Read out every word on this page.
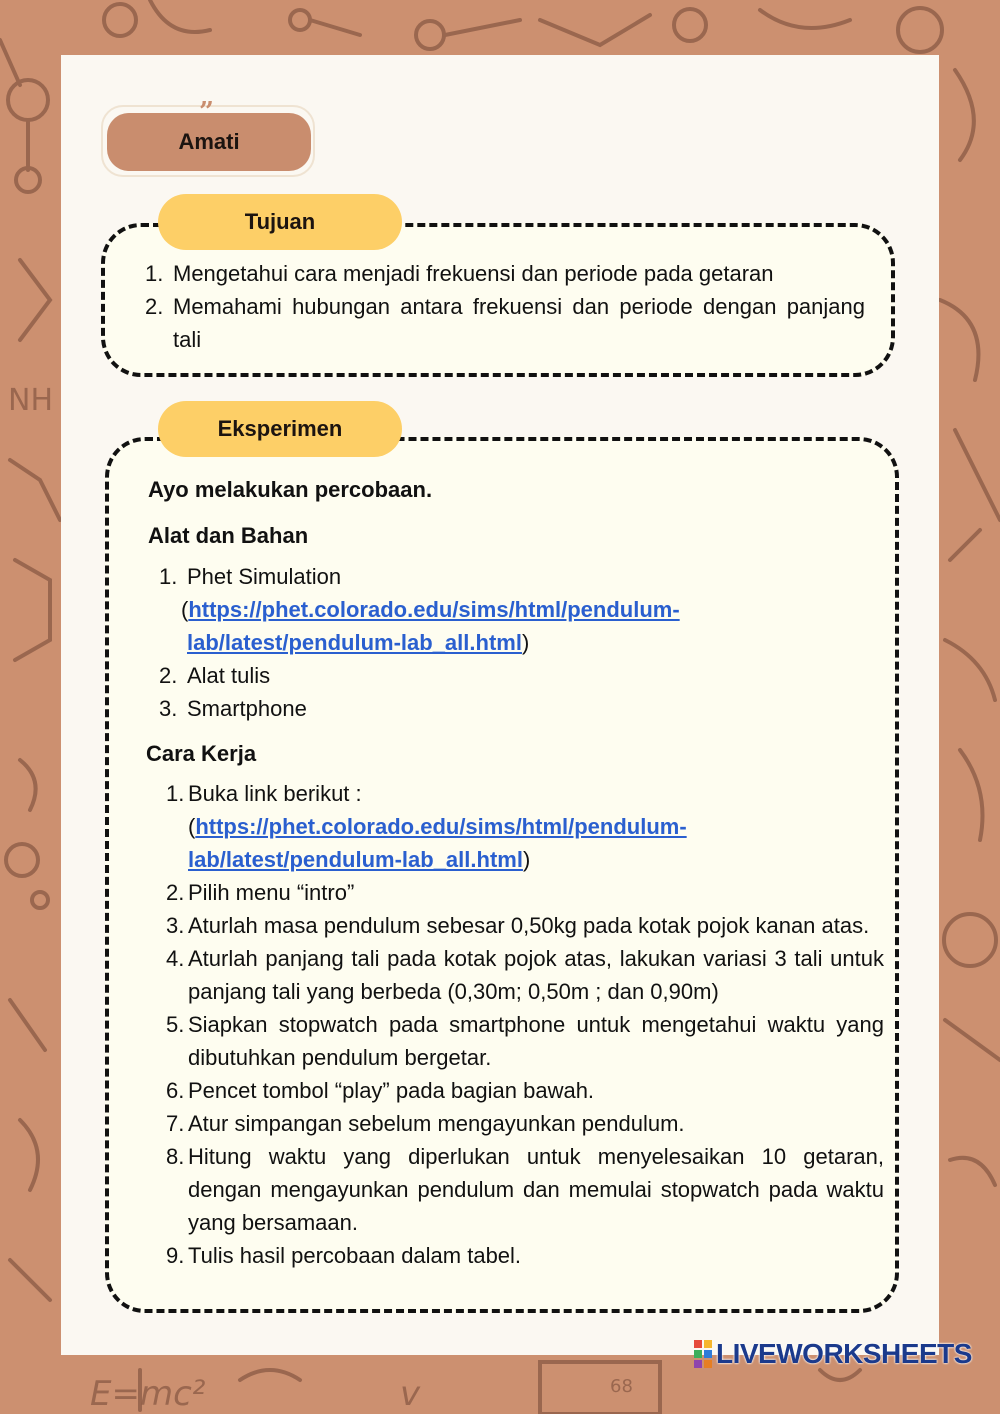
NH
E=mc²	68
v
Amati
”
Tujuan
1. Mengetahui cara menjadi frekuensi dan periode pada getaran
2. Memahami hubungan antara frekuensi dan periode dengan panjang tali
Eksperimen
Ayo melakukan percobaan.
Alat dan Bahan
1. Phet Simulation
(https://phet.colorado.edu/sims/html/pendulum-lab/latest/pendulum-lab_all.html)
2. Alat tulis
3. Smartphone
Cara Kerja
1. Buka link berikut :
(https://phet.colorado.edu/sims/html/pendulum-lab/latest/pendulum-lab_all.html)
2. Pilih menu “intro”
3. Aturlah masa pendulum sebesar 0,50kg pada kotak pojok kanan atas.
4. Aturlah panjang tali pada kotak pojok atas, lakukan variasi 3 tali untuk panjang tali yang berbeda (0,30m; 0,50m ; dan 0,90m)
5. Siapkan stopwatch pada smartphone untuk mengetahui waktu yang dibutuhkan pendulum bergetar.
6. Pencet tombol “play” pada bagian bawah.
7. Atur simpangan sebelum mengayunkan pendulum.
8. Hitung waktu yang diperlukan untuk menyelesaikan 10 getaran, dengan mengayunkan pendulum dan memulai stopwatch pada waktu yang bersamaan.
9. Tulis hasil percobaan dalam tabel.
LIVEWORKSHEETS
